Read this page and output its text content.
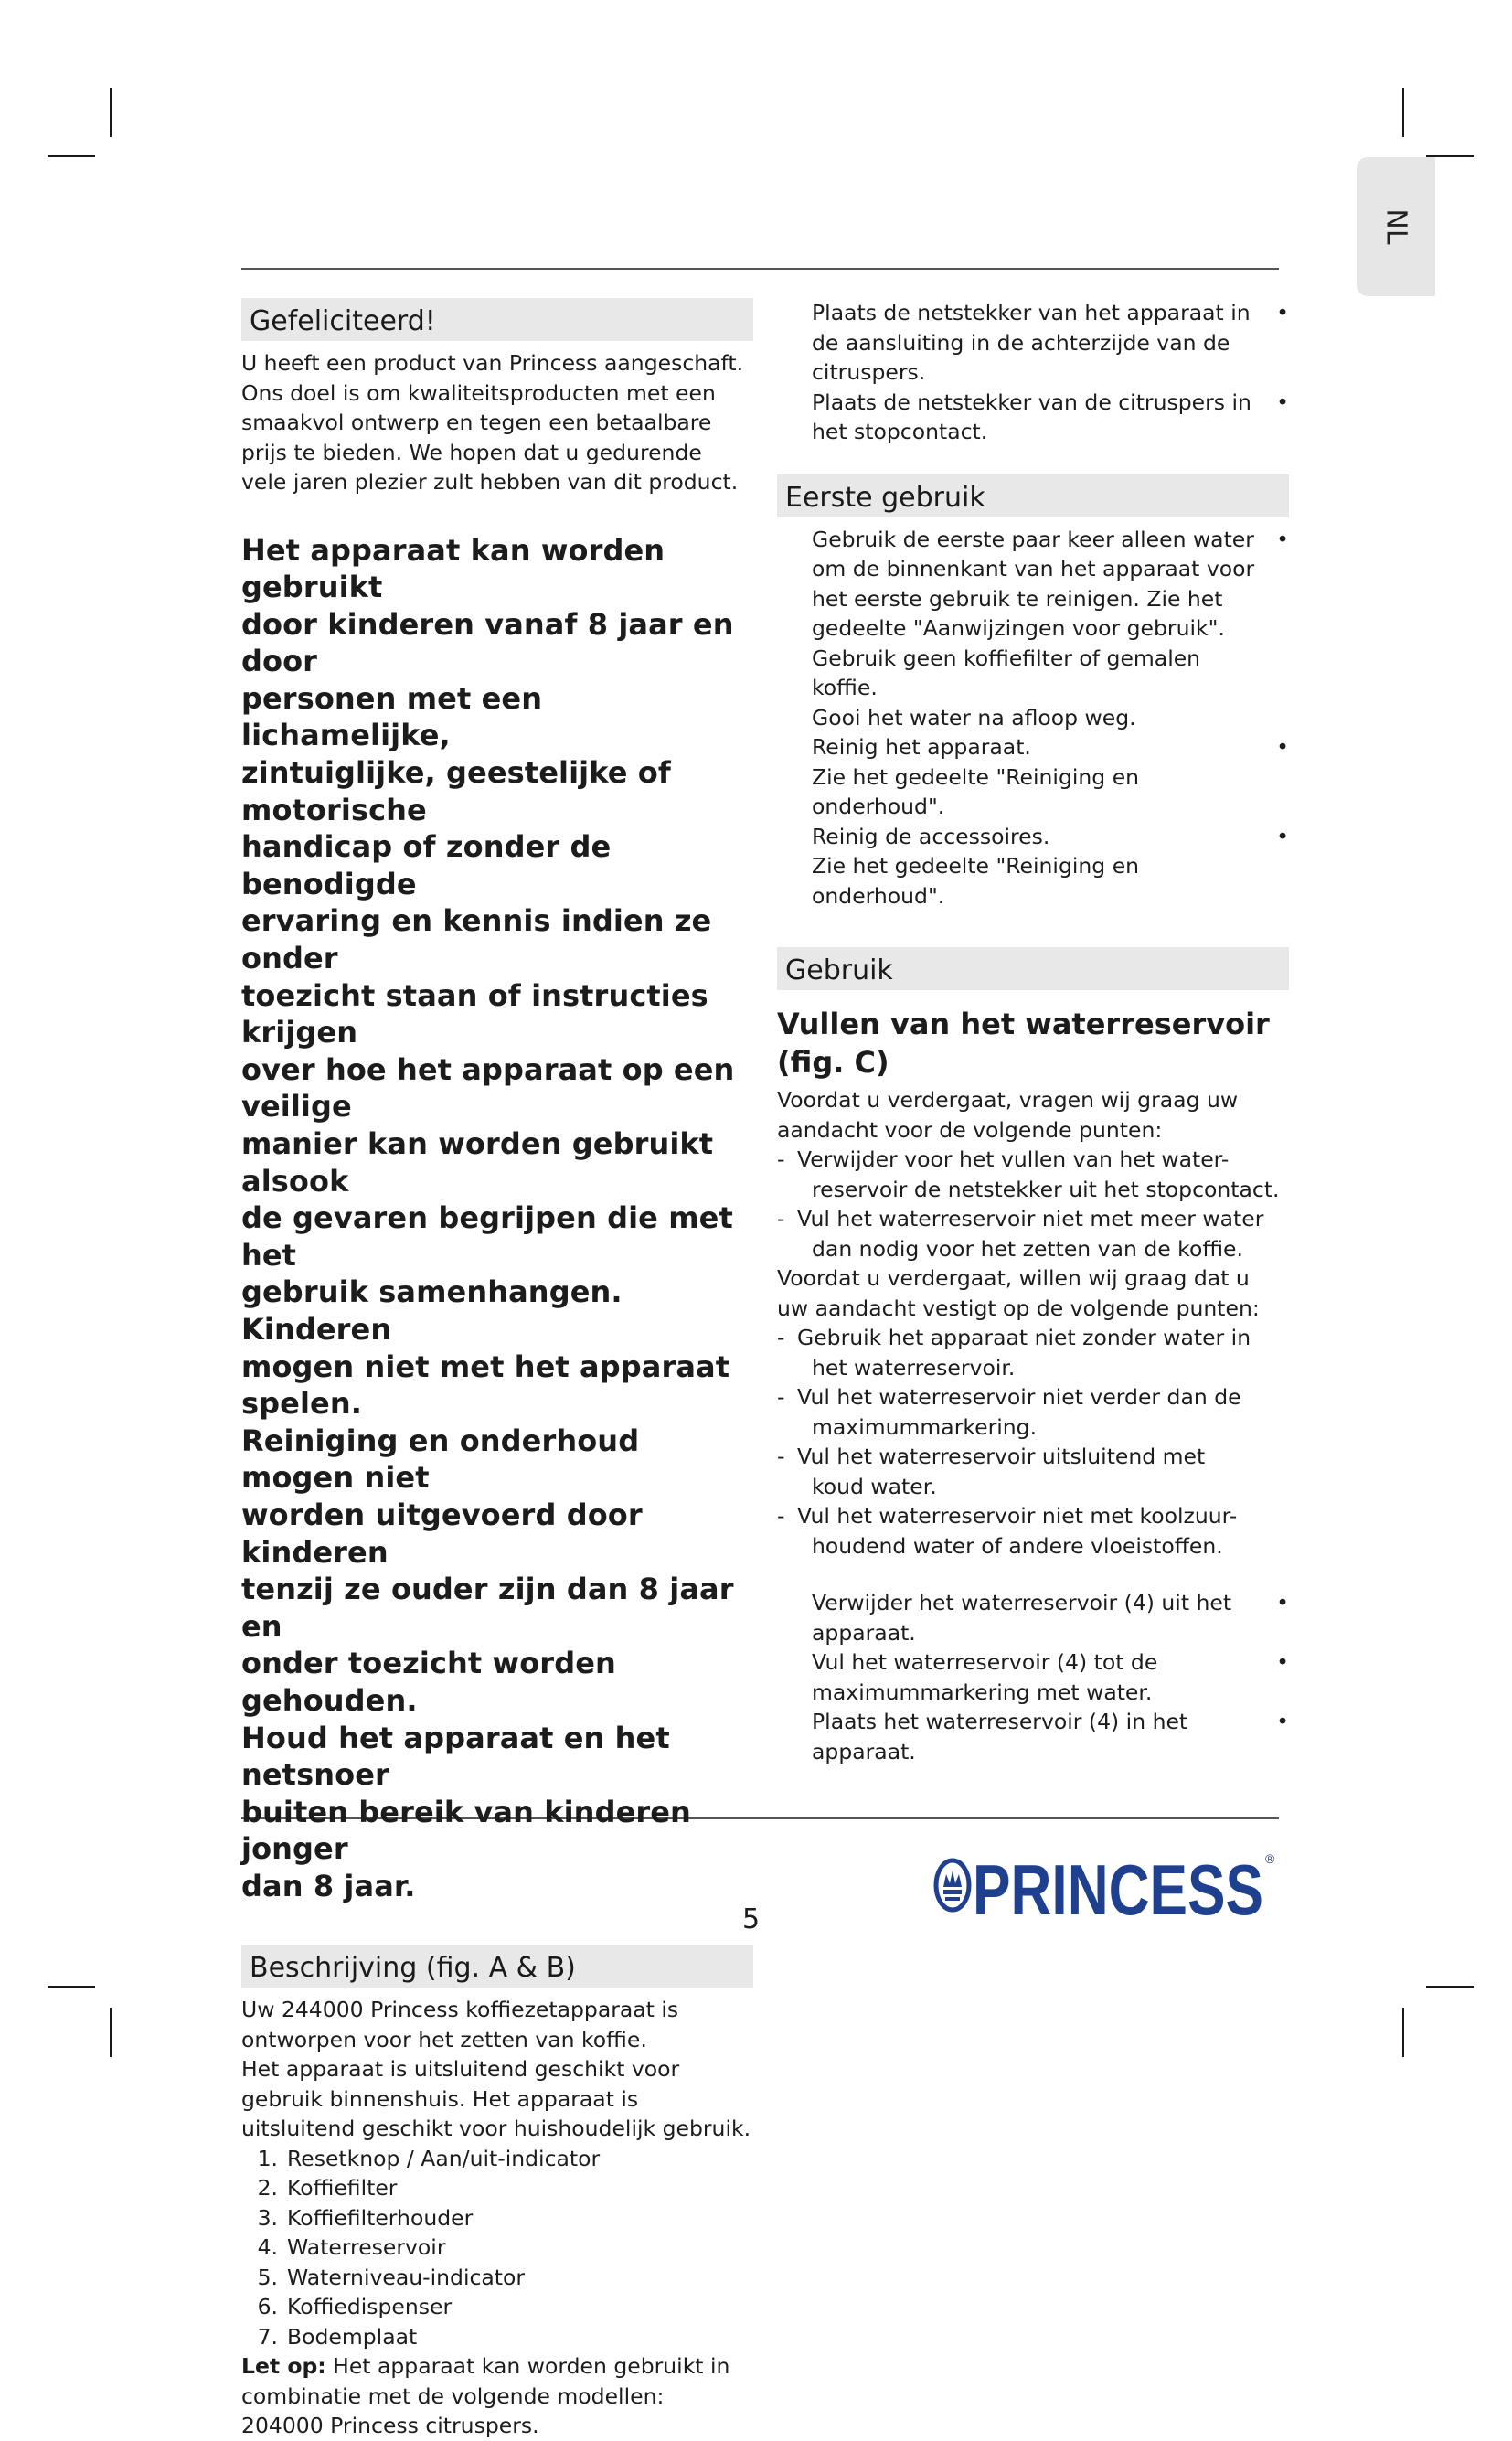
NL
Gefeliciteerd!

U heeft een product van Princess aangeschaft.

Ons doel is om kwaliteitsproducten met een

smaakvol ontwerp en tegen een betaalbare

prijs te bieden. We hopen dat u gedurende

vele jaren plezier zult hebben van dit product.

Het apparaat kan worden gebruikt

door kinderen vanaf 8 jaar en door

personen met een lichamelijke,

zintuiglijke, geestelijke of motorische

handicap of zonder de benodigde

ervaring en kennis indien ze onder

toezicht staan of instructies krijgen

over hoe het apparaat op een veilige

manier kan worden gebruikt alsook

de gevaren begrijpen die met het

gebruik samenhangen. Kinderen

mogen niet met het apparaat spelen.

Reiniging en onderhoud mogen niet

worden uitgevoerd door kinderen

tenzij ze ouder zijn dan 8 jaar en

onder toezicht worden gehouden.

Houd het apparaat en het netsnoer

buiten bereik van kinderen jonger

dan 8 jaar.

Beschrijving (fig. A & B)

Uw 244000 Princess koffiezetapparaat is

ontworpen voor het zetten van koffie.

Het apparaat is uitsluitend geschikt voor

gebruik binnenshuis. Het apparaat is

uitsluitend geschikt voor huishoudelijk gebruik.

1. Resetknop / Aan/uit-indicator
2. Koffiefilter
3. Koffiefilterhouder
4. Waterreservoir
5. Waterniveau-indicator
6. Koffiedispenser
7. Bodemplaat

Let op: Het apparaat kan worden gebruikt in

combinatie met de volgende modellen:

204000 Princess citruspers.

Plaats de netstekker van het apparaat in	•
de aansluiting in de achterzijde van de
citruspers.
Plaats de netstekker van de citruspers in	•
het stopcontact.
Eerste gebruik
Gebruik de eerste paar keer alleen water	•
om de binnenkant van het apparaat voor
het eerste gebruik te reinigen. Zie het
gedeelte "Aanwijzingen voor gebruik".
Gebruik geen koffiefilter of gemalen koffie.
Gooi het water na afloop weg.
Reinig het apparaat.	•
Zie het gedeelte "Reiniging en onderhoud".
Reinig de accessoires.	•
Zie het gedeelte "Reiniging en onderhoud".
Gebruik

Vullen van het waterreservoir (fig. C)

Voordat u verdergaat, vragen wij graag uw

aandacht voor de volgende punten:

- Verwijder voor het vullen van het water-
reservoir de netstekker uit het stopcontact.
- Vul het waterreservoir niet met meer water
dan nodig voor het zetten van de koffie.

Voordat u verdergaat, willen wij graag dat u

uw aandacht vestigt op de volgende punten:

- Gebruik het apparaat niet zonder water in
het waterreservoir.
- Vul het waterreservoir niet verder dan de
maximummarkering.
- Vul het waterreservoir uitsluitend met
koud water.
- Vul het waterreservoir niet met koolzuur-
houdend water of andere vloeistoffen.
Verwijder het waterreservoir (4) uit het	•
apparaat.
Vul het waterreservoir (4) tot de	•
maximummarkering met water.
Plaats het waterreservoir (4) in het	•
apparaat.
5	PRINCESS ®
